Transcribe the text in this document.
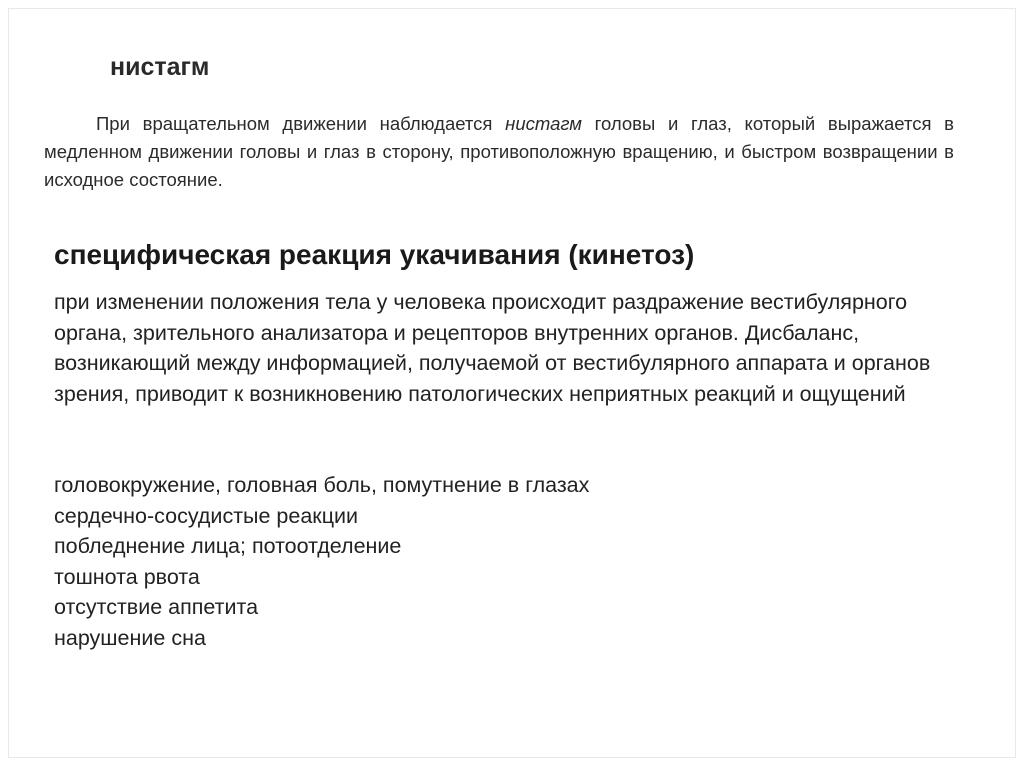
нистагм

При вращательном движении наблюдается нистагм головы и глаз, который выражается в медленном движении головы и глаз в сторону, противоположную вращению, и быстром возвращении в исходное состояние.

специфическая реакция укачивания (кинетоз)

при изменении положения тела у человека происходит раздражение вестибулярного органа, зрительного анализатора и рецепторов внутренних органов. Дисбаланс, возникающий между информацией, получаемой от вестибулярного аппарата и органов зрения, приводит к возникновению патологических неприятных реакций и ощущений

головокружение, головная боль, помутнение в глазах
сердечно-сосудистые реакции
побледнение лица; потоотделение
тошнота рвота
отсутствие аппетита
нарушение сна
